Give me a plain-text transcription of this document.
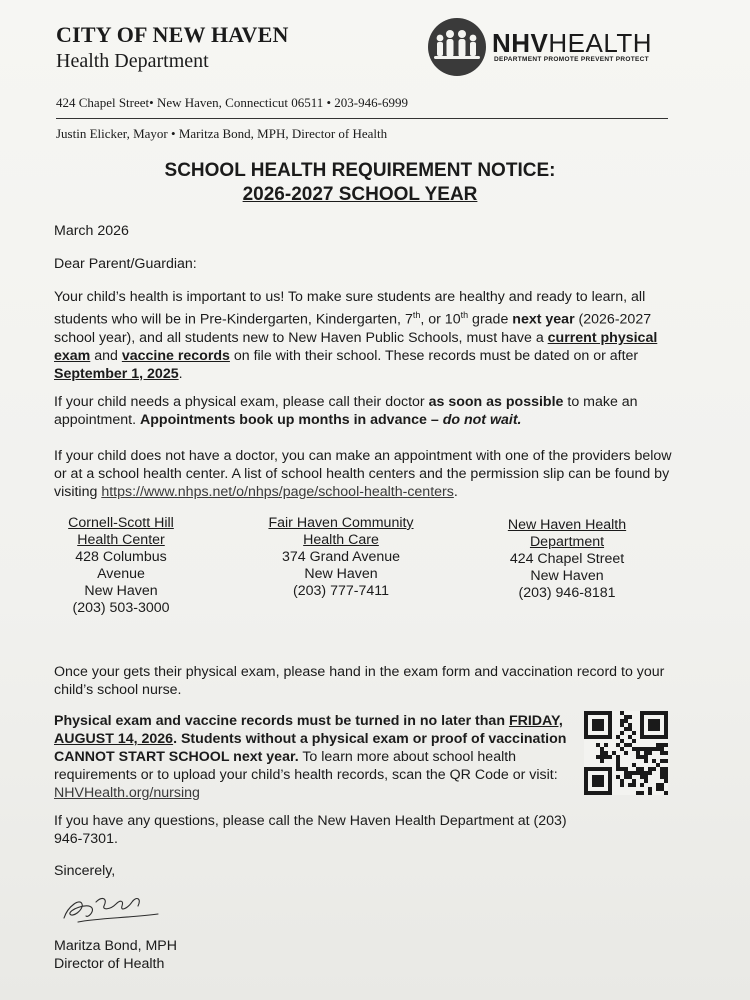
CITY OF NEW HAVEN
Health Department
NHVHEALTH
DEPARTMENT PROMOTE PREVENT PROTECT
424 Chapel Street• New Haven, Connecticut 06511 • 203-946-6999
Justin Elicker, Mayor • Maritza Bond, MPH, Director of Health
SCHOOL HEALTH REQUIREMENT NOTICE:
2026-2027 SCHOOL YEAR
March 2026
Dear Parent/Guardian:
Your child’s health is important to us! To make sure students are healthy and ready to learn, all students who will be in Pre-Kindergarten, Kindergarten, 7th, or 10th grade next year (2026-2027 school year), and all students new to New Haven Public Schools, must have a current physical exam and vaccine records on file with their school. These records must be dated on or after September 1, 2025.
If your child needs a physical exam, please call their doctor as soon as possible to make an appointment. Appointments book up months in advance – do not wait.
If your child does not have a doctor, you can make an appointment with one of the providers below or at a school health center. A list of school health centers and the permission slip can be found by visiting https://www.nhps.net/o/nhps/page/school-health-centers.
Cornell-Scott Hill Health Center
428 Columbus Avenue
New Haven
(203) 503-3000
Fair Haven Community Health Care
374 Grand Avenue
New Haven
(203) 777-7411
New Haven Health Department
424 Chapel Street
New Haven
(203) 946-8181
Once your gets their physical exam, please hand in the exam form and vaccination record to your child’s school nurse.
Physical exam and vaccine records must be turned in no later than FRIDAY, AUGUST 14, 2026. Students without a physical exam or proof of vaccination CANNOT START SCHOOL next year. To learn more about school health requirements or to upload your child’s health records, scan the QR Code or visit: NHVHealth.org/nursing
If you have any questions, please call the New Haven Health Department at (203) 946-7301.
Sincerely,
Maritza Bond, MPH
Director of Health
